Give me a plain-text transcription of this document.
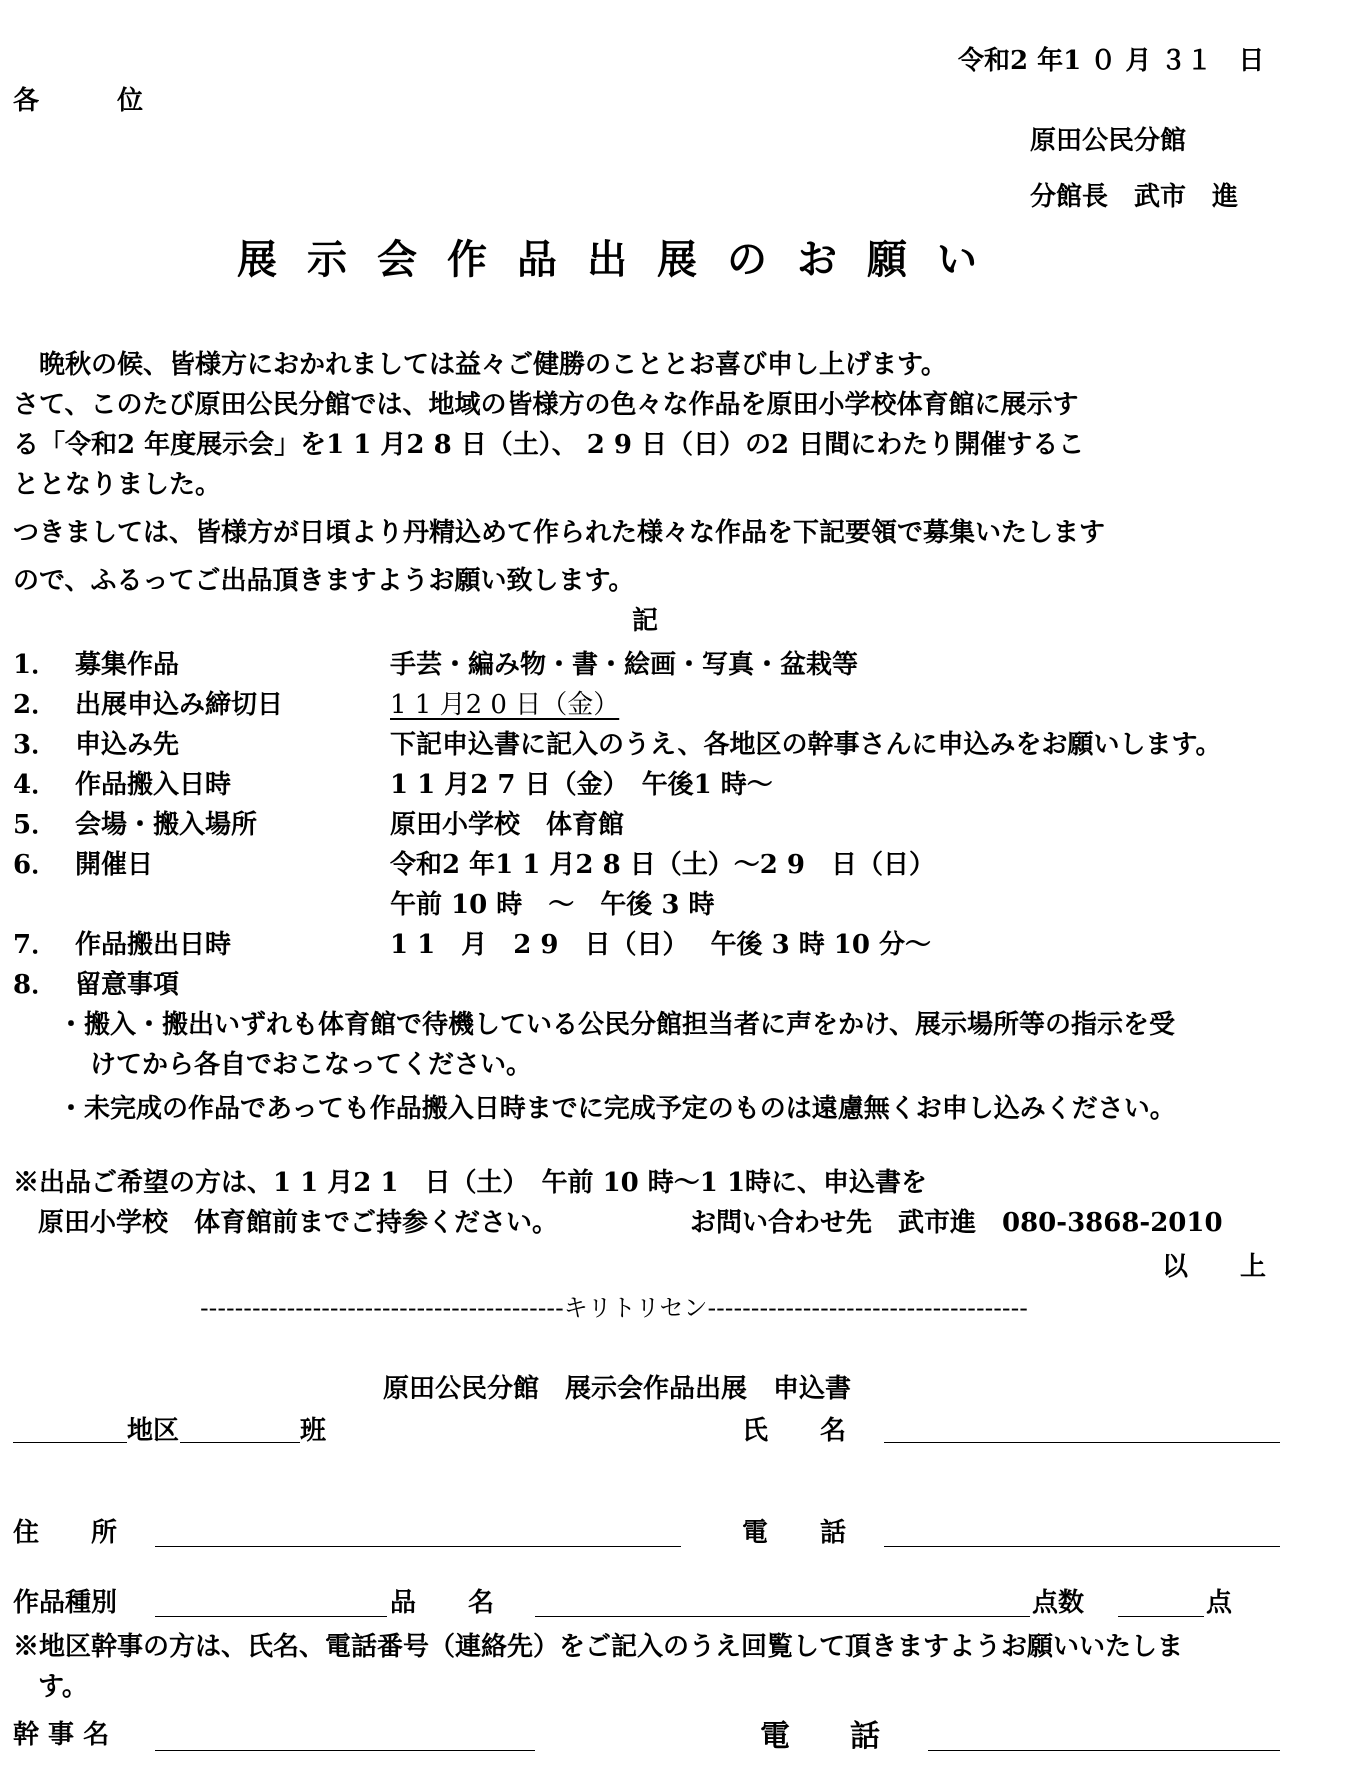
令和2 年1 ０ 月 ３１　日
各　　　位
原田公民分館
分館長　武市　進
展示会作品出展のお願い
　晩秋の候、皆様方におかれましては益々ご健勝のこととお喜び申し上げます。
さて、このたび原田公民分館では、地域の皆様方の色々な作品を原田小学校体育館に展示す
る「令和2 年度展示会」を1 1 月2 8 日（土）、 2 9 日（日）の2 日間にわたり開催するこ
ととなりました。
つきましては、皆様方が日頃より丹精込めて作られた様々な作品を下記要領で募集いたします
ので、ふるってご出品頂きますようお願い致します。
記
1． 募集作品	手芸・編み物・書・絵画・写真・盆栽等
2． 出展申込み締切日	1 1 月2 0 日（金）
3． 申込み先	下記申込書に記入のうえ、各地区の幹事さんに申込みをお願いします。
4． 作品搬入日時	1 1 月2 7 日（金）　午後1 時～
5． 会場・搬入場所	原田小学校　体育館
6． 開催日	令和2 年1 1 月2 8 日（土）～2 9　日（日）
午前 10 時　～　午後 3 時
7． 作品搬出日時	1 1　月　2 9　日（日）　 午後 3 時 10 分～
8． 留意事項
・搬入・搬出いずれも体育館で待機している公民分館担当者に声をかけ、展示場所等の指示を受
けてから各自でおこなってください。
・未完成の作品であっても作品搬入日時までに完成予定のものは遠慮無くお申し込みください。
※出品ご希望の方は、1 1 月2 1　日（土）　午前 10 時～1 1時に、申込書を
原田小学校　体育館前までご持参ください。	お問い合わせ先　武市進　080-3868-2010
以　　上
------------------------------------------キリトリセン-------------------------------------
原田公民分館　展示会作品出展　申込書
地区	班	氏　　名
住　　所	電　　話
作品種別	品　　名	点数	点
※地区幹事の方は、氏名、電話番号（連絡先）をご記入のうえ回覧して頂きますようお願いいたしま
す。
幹 事 名	電　　話
